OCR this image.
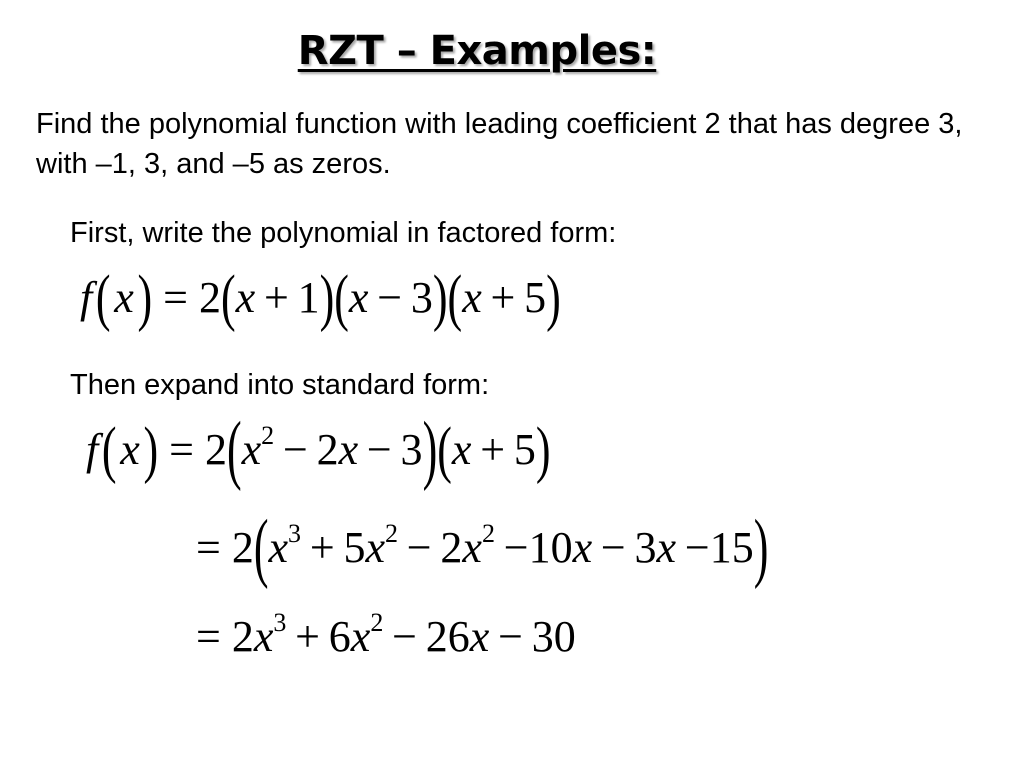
RZT – Examples:
Find the polynomial function with leading coefficient 2 that has degree 3, with –1, 3, and –5 as zeros.
First, write the polynomial in factored form:
f ( x ) = 2(x + 1)(x − 3)(x + 5)
Then expand into standard form:
f ( x ) = $2(x^2 - 2x - 3)(x + 5)$
= $2(x^3 + 5x^2 - 2x^2 -10x - 3x -15)$
= $2x^3 + 6x^2 - 26x - 30$
